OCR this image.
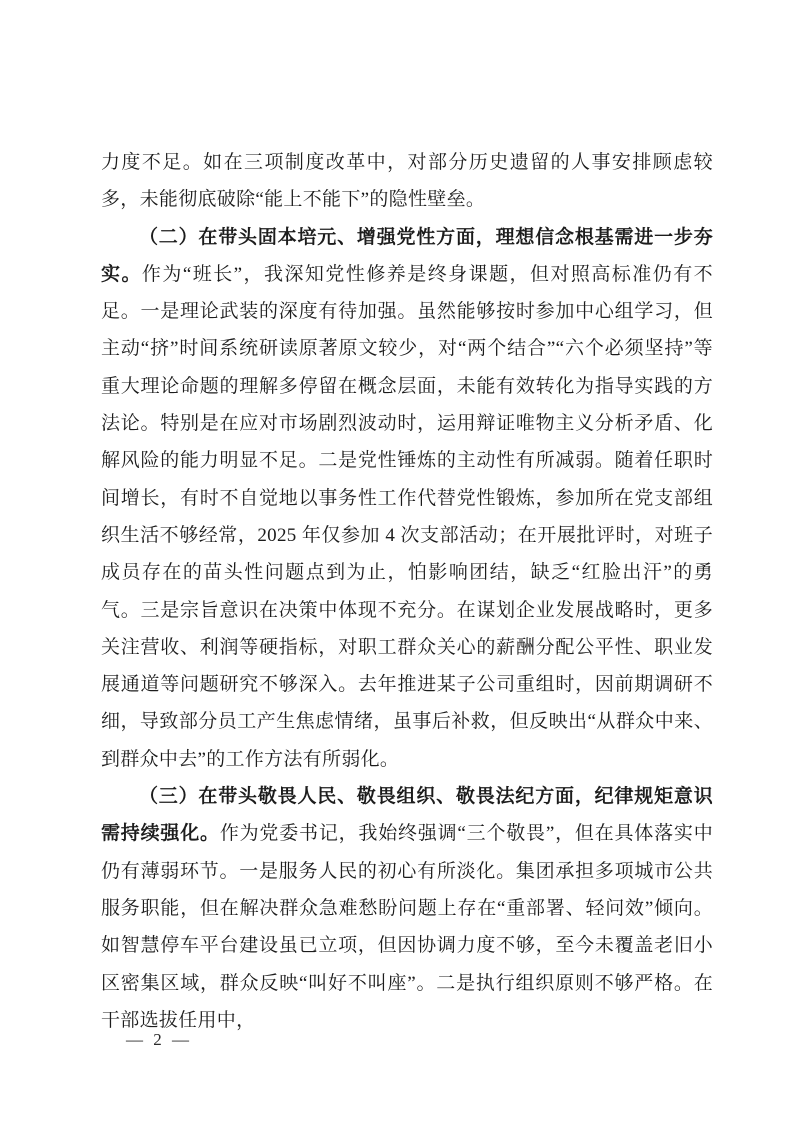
力度不足。如在三项制度改革中，对部分历史遗留的人事安排顾虑较多，未能彻底破除“能上不能下”的隐性壁垒。

（二）在带头固本培元、增强党性方面，理想信念根基需进一步夯实。作为“班长”，我深知党性修养是终身课题，但对照高标准仍有不足。一是理论武装的深度有待加强。虽然能够按时参加中心组学习，但主动“挤”时间系统研读原著原文较少，对“两个结合”“六个必须坚持”等重大理论命题的理解多停留在概念层面，未能有效转化为指导实践的方法论。特别是在应对市场剧烈波动时，运用辩证唯物主义分析矛盾、化解风险的能力明显不足。二是党性锤炼的主动性有所减弱。随着任职时间增长，有时不自觉地以事务性工作代替党性锻炼，参加所在党支部组织生活不够经常，2025 年仅参加 4 次支部活动；在开展批评时，对班子成员存在的苗头性问题点到为止，怕影响团结，缺乏“红脸出汗”的勇气。三是宗旨意识在决策中体现不充分。在谋划企业发展战略时，更多关注营收、利润等硬指标，对职工群众关心的薪酬分配公平性、职业发展通道等问题研究不够深入。去年推进某子公司重组时，因前期调研不细，导致部分员工产生焦虑情绪，虽事后补救，但反映出“从群众中来、到群众中去”的工作方法有所弱化。

（三）在带头敬畏人民、敬畏组织、敬畏法纪方面，纪律规矩意识需持续强化。作为党委书记，我始终强调“三个敬畏”，但在具体落实中仍有薄弱环节。一是服务人民的初心有所淡化。集团承担多项城市公共服务职能，但在解决群众急难愁盼问题上存在“重部署、轻问效”倾向。如智慧停车平台建设虽已立项，但因协调力度不够，至今未覆盖老旧小区密集区域，群众反映“叫好不叫座”。二是执行组织原则不够严格。在干部选拔任用中，

— 2 —
